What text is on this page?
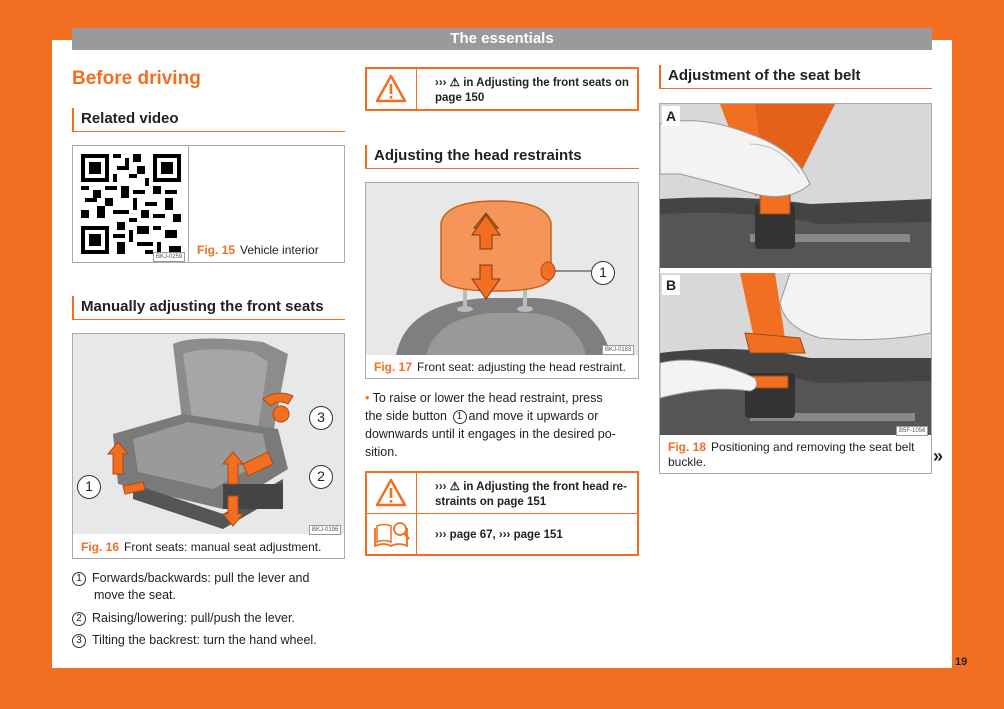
The essentials
Before driving
Related video
BKJ-0259 Fig. 15 Vehicle interior
Manually adjusting the front seats
BKJ-0196
1
2
3
Fig. 16 Front seats: manual seat adjustment.
1 Forwards/backwards: pull the lever and
move the seat.
2 Raising/lowering: pull/push the lever.
3 Tilting the backrest: turn the hand wheel.
››› ⚠ in Adjusting the front seats on
page 150
Adjusting the head restraints
1
BKJ-0183
Fig. 17 Front seat: adjusting the head restraint.
• To raise or lower the head restraint, press
the side button 1 and move it upwards or
downwards until it engages in the desired po-
sition.
››› ⚠ in Adjusting the front head re-
straints on page 151
››› page 67, ››› page 151
Adjustment of the seat belt
A
B
B5F-1056
Fig. 18 Positioning and removing the seat belt
buckle.	»
19
